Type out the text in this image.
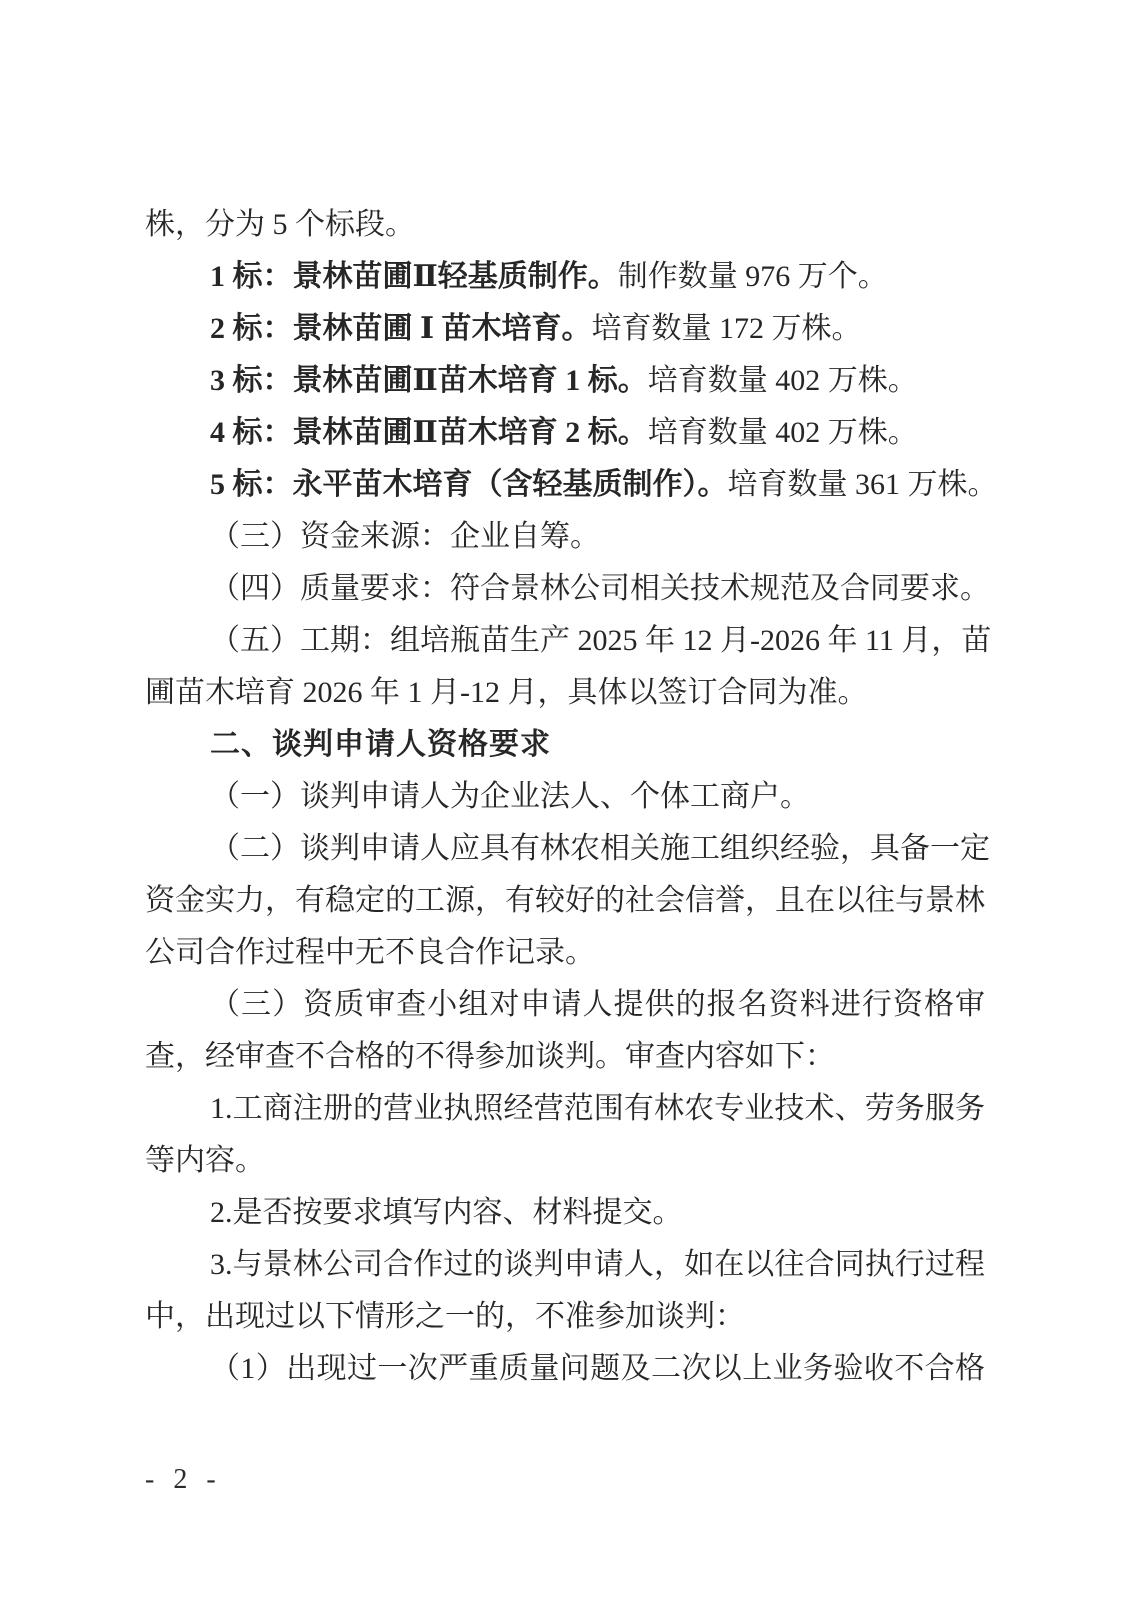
株，分为 5 个标段。
1 标：景林苗圃Ⅱ轻基质制作。制作数量 976 万个。
2 标：景林苗圃 Ⅰ 苗木培育。培育数量 172 万株。
3 标：景林苗圃Ⅱ苗木培育 1 标。培育数量 402 万株。
4 标：景林苗圃Ⅱ苗木培育 2 标。培育数量 402 万株。
5 标：永平苗木培育（含轻基质制作）。培育数量 361 万株。
（三）资金来源：企业自筹。
（四）质量要求：符合景林公司相关技术规范及合同要求。
（五）工期：组培瓶苗生产 2025 年 12 月-2026 年 11 月，苗
圃苗木培育 2026 年 1 月-12 月，具体以签订合同为准。
二、谈判申请人资格要求
（一）谈判申请人为企业法人、个体工商户。
（二）谈判申请人应具有林农相关施工组织经验，具备一定
资金实力，有稳定的工源，有较好的社会信誉，且在以往与景林
公司合作过程中无不良合作记录。
（三）资质审查小组对申请人提供的报名资料进行资格审
查，经审查不合格的不得参加谈判。审查内容如下：
1.工商注册的营业执照经营范围有林农专业技术、劳务服务
等内容。
2.是否按要求填写内容、材料提交。
3.与景林公司合作过的谈判申请人，如在以往合同执行过程
中，出现过以下情形之一的，不准参加谈判：
（1）出现过一次严重质量问题及二次以上业务验收不合格
- 2 -
